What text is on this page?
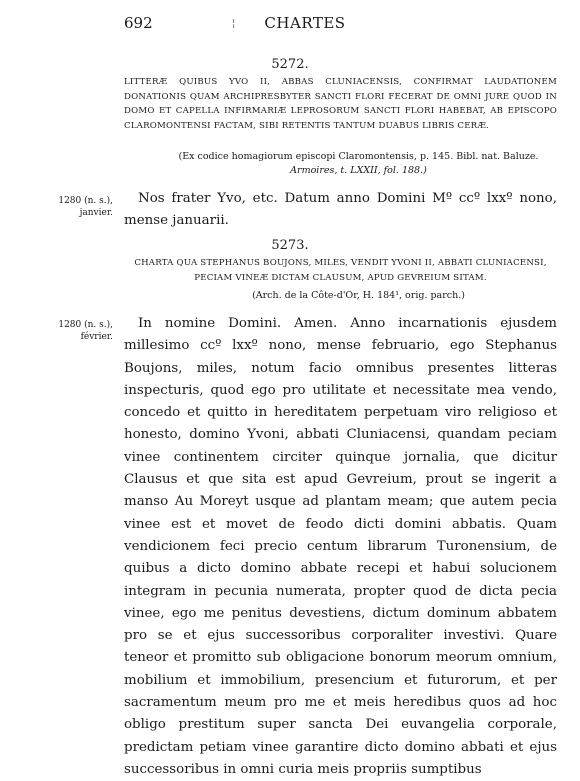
692	¦	CHARTES
5272.
LITTERÆ QUIBUS YVO II, ABBAS CLUNIACENSIS, CONFIRMAT LAUDATIONEM DONATIONIS QUAM ARCHIPRESBYTER SANCTI FLORI FECERAT DE OMNI JURE QUOD IN DOMO ET CAPELLA INFIRMARIÆ LEPROSORUM SANCTI FLORI HABEBAT, AB EPISCOPO CLAROMONTENSI FACTAM, SIBI RETENTIS TANTUM DUABUS LIBRIS CERÆ.
(Ex codice homagiorum episcopi Claromontensis, p. 145. Bibl. nat. Baluze.
Armoires, t. LXXII, fol. 188.)
1280 (n. s.),
janvier.
Nos frater Yvo, etc. Datum anno Domini Mº ccº lxxº nono, mense januarii.
5273.
CHARTA QUA STEPHANUS BOUJONS, MILES, VENDIT YVONI II, ABBATI CLUNIACENSI, PECIAM VINEÆ DICTAM CLAUSUM, APUD GEVREIUM SITAM.
(Arch. de la Côte-d'Or, H. 184¹, orig. parch.)
1280 (n. s.),
février.
In nomine Domini. Amen. Anno incarnationis ejusdem millesimo ccº lxxº nono, mense februario, ego Stephanus Boujons, miles, notum facio omnibus presentes litteras inspecturis, quod ego pro utilitate et necessitate mea vendo, concedo et quitto in hereditatem perpetuam viro religioso et honesto, domino Yvoni, abbati Cluniacensi, quandam peciam vinee continentem circiter quinque jornalia, que dicitur Clausus et que sita est apud Gevreium, prout se ingerit a manso Au Moreyt usque ad plantam meam; que autem pecia vinee est et movet de feodo dicti domini abbatis. Quam vendicionem feci precio centum librarum Turonensium, de quibus a dicto domino abbate recepi et habui solucionem integram in pecunia numerata, propter quod de dicta pecia vinee, ego me penitus devestiens, dictum dominum abbatem pro se et ejus successoribus corporaliter investivi. Quare teneor et promitto sub obligacione bonorum meorum omnium, mobilium et immobilium, presencium et futurorum, et per sacramentum meum pro me et meis heredibus quos ad hoc obligo prestitum super sancta Dei euvangelia corporale, predictam petiam vinee garantire dicto domino abbati et ejus successoribus in omni curia meis propriis sumptibus
